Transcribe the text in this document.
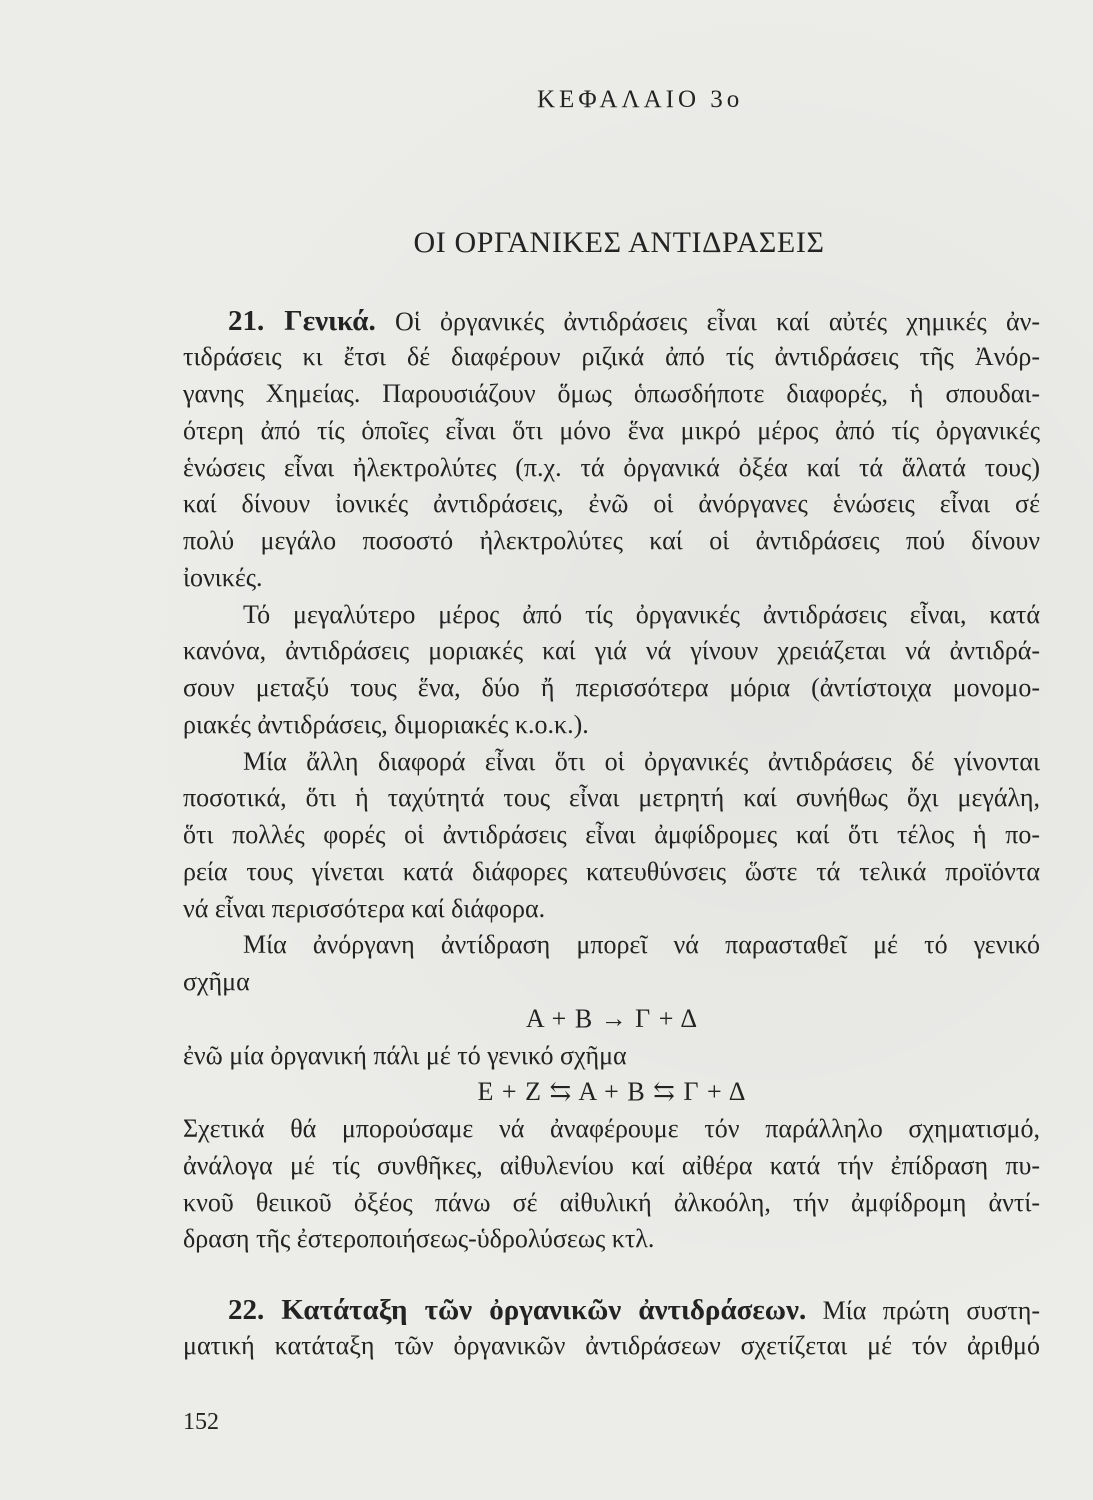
ΚΕΦΑΛΑΙΟ 3ο
ΟΙ ΟΡΓΑΝΙΚΕΣ ΑΝΤΙΔΡΑΣΕΙΣ
21. Γενικά. Οἱ ὀργανικές ἀντιδράσεις εἶναι καί αὐτές χημικές ἀν-
τιδράσεις κι ἔτσι δέ διαφέρουν ριζικά ἀπό τίς ἀντιδράσεις τῆς Ἀνόρ-
γανης Χημείας. Παρουσιάζουν ὅμως ὁπωσδήποτε διαφορές, ἡ σπουδαι-
ότερη ἀπό τίς ὁποῖες εἶναι ὅτι μόνο ἕνα μικρό μέρος ἀπό τίς ὀργανικές
ἑνώσεις εἶναι ἠλεκτρολύτες (π.χ. τά ὀργανικά ὀξέα καί τά ἅλατά τους)
καί δίνουν ἰονικές ἀντιδράσεις, ἐνῶ οἱ ἀνόργανες ἑνώσεις εἶναι σέ
πολύ μεγάλο ποσοστό ἠλεκτρολύτες καί οἱ ἀντιδράσεις πού δίνουν
ἰονικές.
Τό μεγαλύτερο μέρος ἀπό τίς ὀργανικές ἀντιδράσεις εἶναι, κατά
κανόνα, ἀντιδράσεις μοριακές καί γιά νά γίνουν χρειάζεται νά ἀντιδρά-
σουν μεταξύ τους ἕνα, δύο ἤ περισσότερα μόρια (ἀντίστοιχα μονομο-
ριακές ἀντιδράσεις, διμοριακές κ.ο.κ.).
Μία ἄλλη διαφορά εἶναι ὅτι οἱ ὀργανικές ἀντιδράσεις δέ γίνονται
ποσοτικά, ὅτι ἡ ταχύτητά τους εἶναι μετρητή καί συνήθως ὄχι μεγάλη,
ὅτι πολλές φορές οἱ ἀντιδράσεις εἶναι ἀμφίδρομες καί ὅτι τέλος ἡ πο-
ρεία τους γίνεται κατά διάφορες κατευθύνσεις ὥστε τά τελικά προϊόντα
νά εἶναι περισσότερα καί διάφορα.
Μία ἀνόργανη ἀντίδραση μπορεῖ νά παρασταθεῖ μέ τό γενικό
σχῆμα
Α + Β → Γ + Δ
ἐνῶ μία ὀργανική πάλι μέ τό γενικό σχῆμα
Ε + Ζ ⇆ Α + Β ⇆ Γ + Δ
Σχετικά θά μπορούσαμε νά ἀναφέρουμε τόν παράλληλο σχηματισμό,
ἀνάλογα μέ τίς συνθῆκες, αἰθυλενίου καί αἰθέρα κατά τήν ἐπίδραση πυ-
κνοῦ θειικοῦ ὀξέος πάνω σέ αἰθυλική ἀλκοόλη, τήν ἀμφίδρομη ἀντί-
δραση τῆς ἐστεροποιήσεως-ὑδρολύσεως κτλ.
22. Κατάταξη τῶν ὀργανικῶν ἀντιδράσεων. Μία πρώτη συστη-
ματική κατάταξη τῶν ὀργανικῶν ἀντιδράσεων σχετίζεται μέ τόν ἀριθμό
152
